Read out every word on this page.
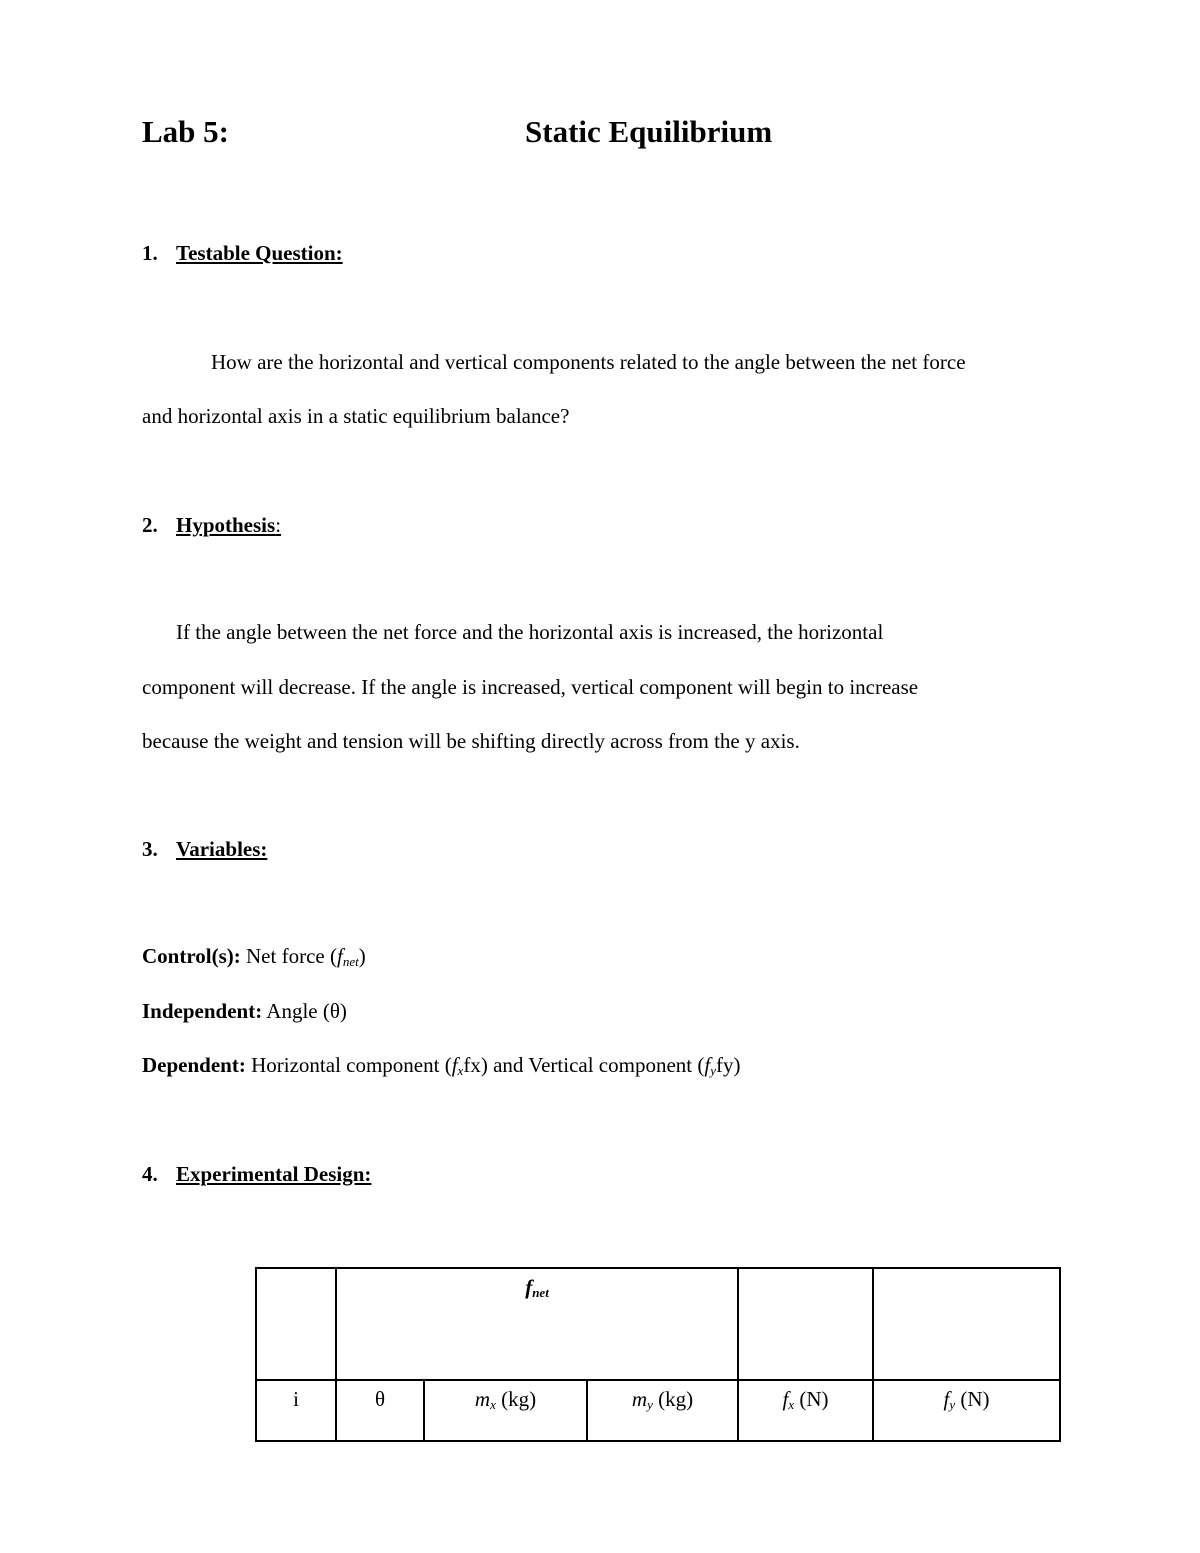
Lab 5:	Static Equilibrium
1. Testable Question:
How are the horizontal and vertical components related to the angle between the net force
and horizontal axis in a static equilibrium balance?
2. Hypothesis:
If the angle between the net force and the horizontal axis is increased, the horizontal
component will decrease. If the angle is increased, vertical component will begin to increase
because the weight and tension will be shifting directly across from the y axis.
3. Variables:
Control(s): Net force (fnet)
Independent: Angle (θ)
Dependent: Horizontal component (fxfx) and Vertical component (fyfy)
4. Experimental Design:
	fnet				
i	θ	mx (kg)	my (kg)	fx (N)	fy (N)
